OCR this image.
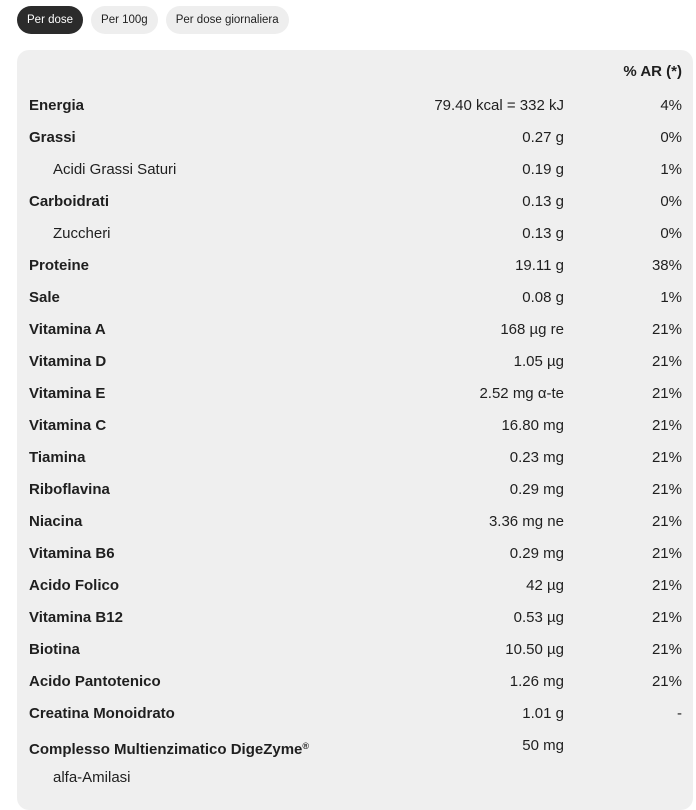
Per dose	Per 100g	Per dose giornaliera
% AR (*)
Energia	79.40 kcal = 332 kJ	4%
Grassi	0.27 g	0%
Acidi Grassi Saturi	0.19 g	1%
Carboidrati	0.13 g	0%
Zuccheri	0.13 g	0%
Proteine	19.11 g	38%
Sale	0.08 g	1%
Vitamina A	168 µg re	21%
Vitamina D	1.05 µg	21%
Vitamina E	2.52 mg α-te	21%
Vitamina C	16.80 mg	21%
Tiamina	0.23 mg	21%
Riboflavina	0.29 mg	21%
Niacina	3.36 mg ne	21%
Vitamina B6	0.29 mg	21%
Acido Folico	42 µg	21%
Vitamina B12	0.53 µg	21%
Biotina	10.50 µg	21%
Acido Pantotenico	1.26 mg	21%
Creatina Monoidrato	1.01 g	-
Complesso Multienzimatico DigeZyme®	50 mg
alfa-Amilasi
